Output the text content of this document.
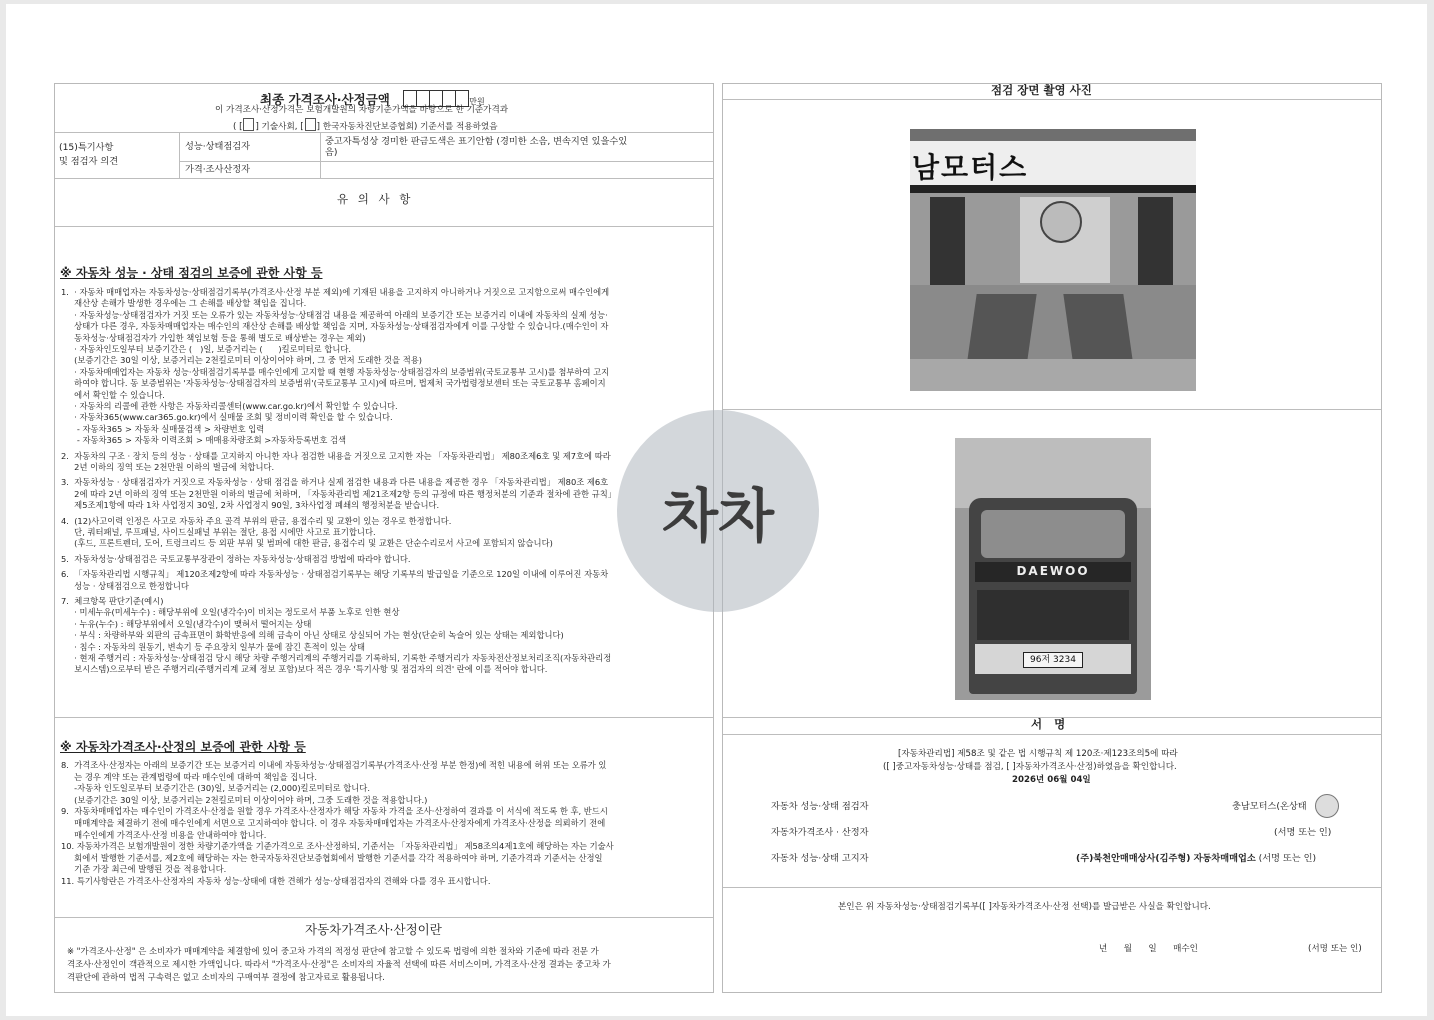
최종 가격조사·산정금액	만원
이 가격조사·산정가격은 보험개발원의 차량기준가액을 바탕으로 한 기준가격과
( [ ] 기술사회, [ ] 한국자동차진단보증협회) 기준서를 적용하였음
(15)특기사항
및 점검자 의견
성능·상태점검자	중고자특성상 경미한 판금도색은 표기안함 (경미한 소음, 변속지연 있을수있
음)
가격·조사산정자
유 의 사 항
※ 자동차 성능 · 상태 점검의 보증에 관한 사항 등
1.  · 자동차 매매업자는 자동차성능·상태점검기록부(가격조사·산정 부분 제외)에 기재된 내용을 고지하지 아니하거나 거짓으로 고지함으로써 매수인에게
재산상 손해가 발생한 경우에는 그 손해를 배상할 책임을 집니다.
· 자동차성능·상태점검자가 거짓 또는 오류가 있는 자동차성능·상태점검 내용을 제공하여 아래의 보증기간 또는 보증거리 이내에 자동차의 실제 성능·
상태가 다른 경우, 자동차매매업자는 매수인의 재산상 손해를 배상할 책임을 지며, 자동차성능·상태점검자에게 이를 구상할 수 있습니다.(매수인이 자
동차성능·상태점검자가 가입한 책임보험 등을 통해 별도로 배상받는 경우는 제외)
· 자동차인도일부터 보증기간은 (   )일, 보증거리는 (      )킬로미터로 합니다.
(보증기간은 30일 이상, 보증거리는 2천킬로미터 이상이어야 하며, 그 중 먼저 도래한 것을 적용)
· 자동차매매업자는 자동차 성능·상태점검기록부를 매수인에게 고지할 때 현행 자동차성능·상태점검자의 보증범위(국토교통부 고시)를 첨부하여 고지
하여야 합니다. 동 보증범위는 '자동차성능·상태점검자의 보증범위'(국토교통부 고시)에 따르며, 법제처 국가법령정보센터 또는 국토교통부 홈페이지
에서 확인할 수 있습니다.
· 자동차의 리콜에 관한 사항은 자동차리콜센터(www.car.go.kr)에서 확인할 수 있습니다.
· 자동차365(www.car365.go.kr)에서 실매물 조회 및 정비이력 확인을 할 수 있습니다.
- 자동차365 > 자동차 실매물검색 > 차량번호 입력
- 자동차365 > 자동차 이력조회 > 매매용차량조회 >자동차등록번호 검색
2.  자동차의 구조 · 장치 등의 성능 · 상태를 고지하지 아니한 자나 점검한 내용을 거짓으로 고지한 자는 「자동차관리법」 제80조제6호 및 제7호에 따라
2년 이하의 징역 또는 2천만원 이하의 벌금에 처합니다.
3.  자동차성능 · 상태점검자가 거짓으로 자동차성능 · 상태 점검을 하거나 실제 점검한 내용과 다른 내용을 제공한 경우 「자동차관리법」 제80조 제6호
2에 따라 2년 이하의 징역 또는 2천만원 이하의 벌금에 처하며, 「자동차관리법 제21조제2항 등의 규정에 따른 행정처분의 기준과 절차에 관한 규칙」
제5조제1항에 따라 1차 사업정지 30일, 2차 사업정지 90일, 3차사업정 폐쇄의 행정처분을 받습니다.
4.  (12)사고이력 인정은 사고로 자동차 주요 골격 부위의 판금, 용접수리 및 교환이 있는 경우로 한정합니다.
단, 쿼터패널, 루프패널, 사이드실패널 부위는 절단, 용접 시에만 사고로 표기합니다.
(후드, 프론트펜더, 도어, 트렁크리드 등 외판 부위 및 범퍼에 대한 판금, 용접수리 및 교환은 단순수리로서 사고에 포함되지 않습니다)
5.  자동차성능·상태점검은 국토교통부장관이 정하는 자동차성능·상태점검 방법에 따라야 합니다.
6.  「자동차관리법 시행규칙」 제120조제2항에 따라 자동차성능 · 상태점검기록부는 해당 기록부의 발급일을 기준으로 120일 이내에 이루어진 자동차
성능 · 상태점검으로 한정합니다
7.  체크항목 판단기준(예시)
· 미세누유(미세누수) : 해당부위에 오일(냉각수)이 비치는 정도로서 부품 노후로 인한 현상
· 누유(누수) : 해당부위에서 오일(냉각수)이 맺혀서 떨어지는 상태
· 부식 : 차량하부와 외판의 금속표면이 화학반응에 의해 금속이 아닌 상태로 상실되어 가는 현상(단순히 녹슬어 있는 상태는 제외합니다)
· 침수 : 자동차의 원동기, 변속기 등 주요장치 일부가 물에 잠긴 흔적이 있는 상태
· 현재 주행거리 : 자동차성능·상태점검 당시 해당 차량 주행거리계의 주행거리를 기록하되, 기록한 주행거리가 자동차전산정보처리조직(자동차관리정
보시스템)으로부터 받은 주행거리(주행거리계 교체 정보 포함)보다 적은 경우 '특기사항 및 점검자의 의견' 란에 이를 적어야 합니다.
※ 자동차가격조사·산정의 보증에 관한 사항 등
8.  가격조사·산정자는 아래의 보증기간 또는 보증거리 이내에 자동차성능·상태점검기록부(가격조사·산정 부분 한정)에 적힌 내용에 허위 또는 오류가 있
는 경우 계약 또는 관계법령에 따라 매수인에 대하여 책임을 집니다.
-자동차 인도일로부터 보증기간은 (30)일, 보증거리는 (2,000)킬로미터로 합니다.
(보증기간은 30일 이상, 보증거리는 2천킬로미터 이상이어야 하며, 그중 도래한 것을 적용합니다.)
9.  자동차매매업자는 매수인이 가격조사·산정을 원할 경우 가격조사·산정자가 해당 자동차 가격을 조사·산정하여 결과를 이 서식에 적도록 한 후, 반드시
매매계약을 체결하기 전에 매수인에게 서면으로 고지하여야 합니다. 이 경우 자동차매매업자는 가격조사·산정자에게 가격조사·산정을 의뢰하기 전에
매수인에게 가격조사·산정 비용을 안내하여야 합니다.
10. 자동차가격은 보험개발원이 정한 차량기준가액을 기준가격으로 조사·산정하되, 기준서는 「자동차관리법」 제58조의4제1호에 해당하는 자는 기술사
회에서 발행한 기준서를, 제2호에 해당하는 자는 한국자동차진단보증협회에서 발행한 기준서를 각각 적용하여야 하며, 기준가격과 기준서는 산정일
기준 가장 최근에 발행된 것을 적용합니다.
11. 특기사항란은 가격조사·산정자의 자동차 성능·상태에 대한 견해가 성능·상태점검자의 견해와 다를 경우 표시합니다.
자동차가격조사·산정이란
※ "가격조사·산정" 은 소비자가 매매계약을 체결함에 있어 중고차 가격의 적정성 판단에 참고할 수 있도록 법령에 의한 절차와 기준에 따라 전문 가
격조사·산정인이 객관적으로 제시한 가액입니다. 따라서 "가격조사·산정"은 소비자의 자율적 선택에 따른 서비스이며, 가격조사·산정 결과는 중고차 가
격판단에 관하여 법적 구속력은 없고 소비자의 구매여부 결정에 참고자료로 활용됩니다.
점검 장면 촬영 사진
남모터스
DAEWOO
96저 3234
서 명
[자동차관리법] 제58조 및 같은 법 시행규칙 제 120조·제123조의5에 따라
([ ]중고자동차성능·상태를 점검, [ ]자동차가격조사·산정)하였음을 확인합니다.
2026년 06월 04일
자동차 성능·상태 점검자	충남모터스(온상태
자동차가격조사 · 산정자	(서명 또는 인)
자동차 성능·상태 고지자	(주)북천안매매상사(김주형) 자동차매매업소 (서명 또는 인)
본인은 위 자동차성능·상태점검기록부([ ]자동차가격조사·산정 선택)를 발급받은 사실을 확인합니다.
년      월      일      매수인	(서명 또는 인)
차차
